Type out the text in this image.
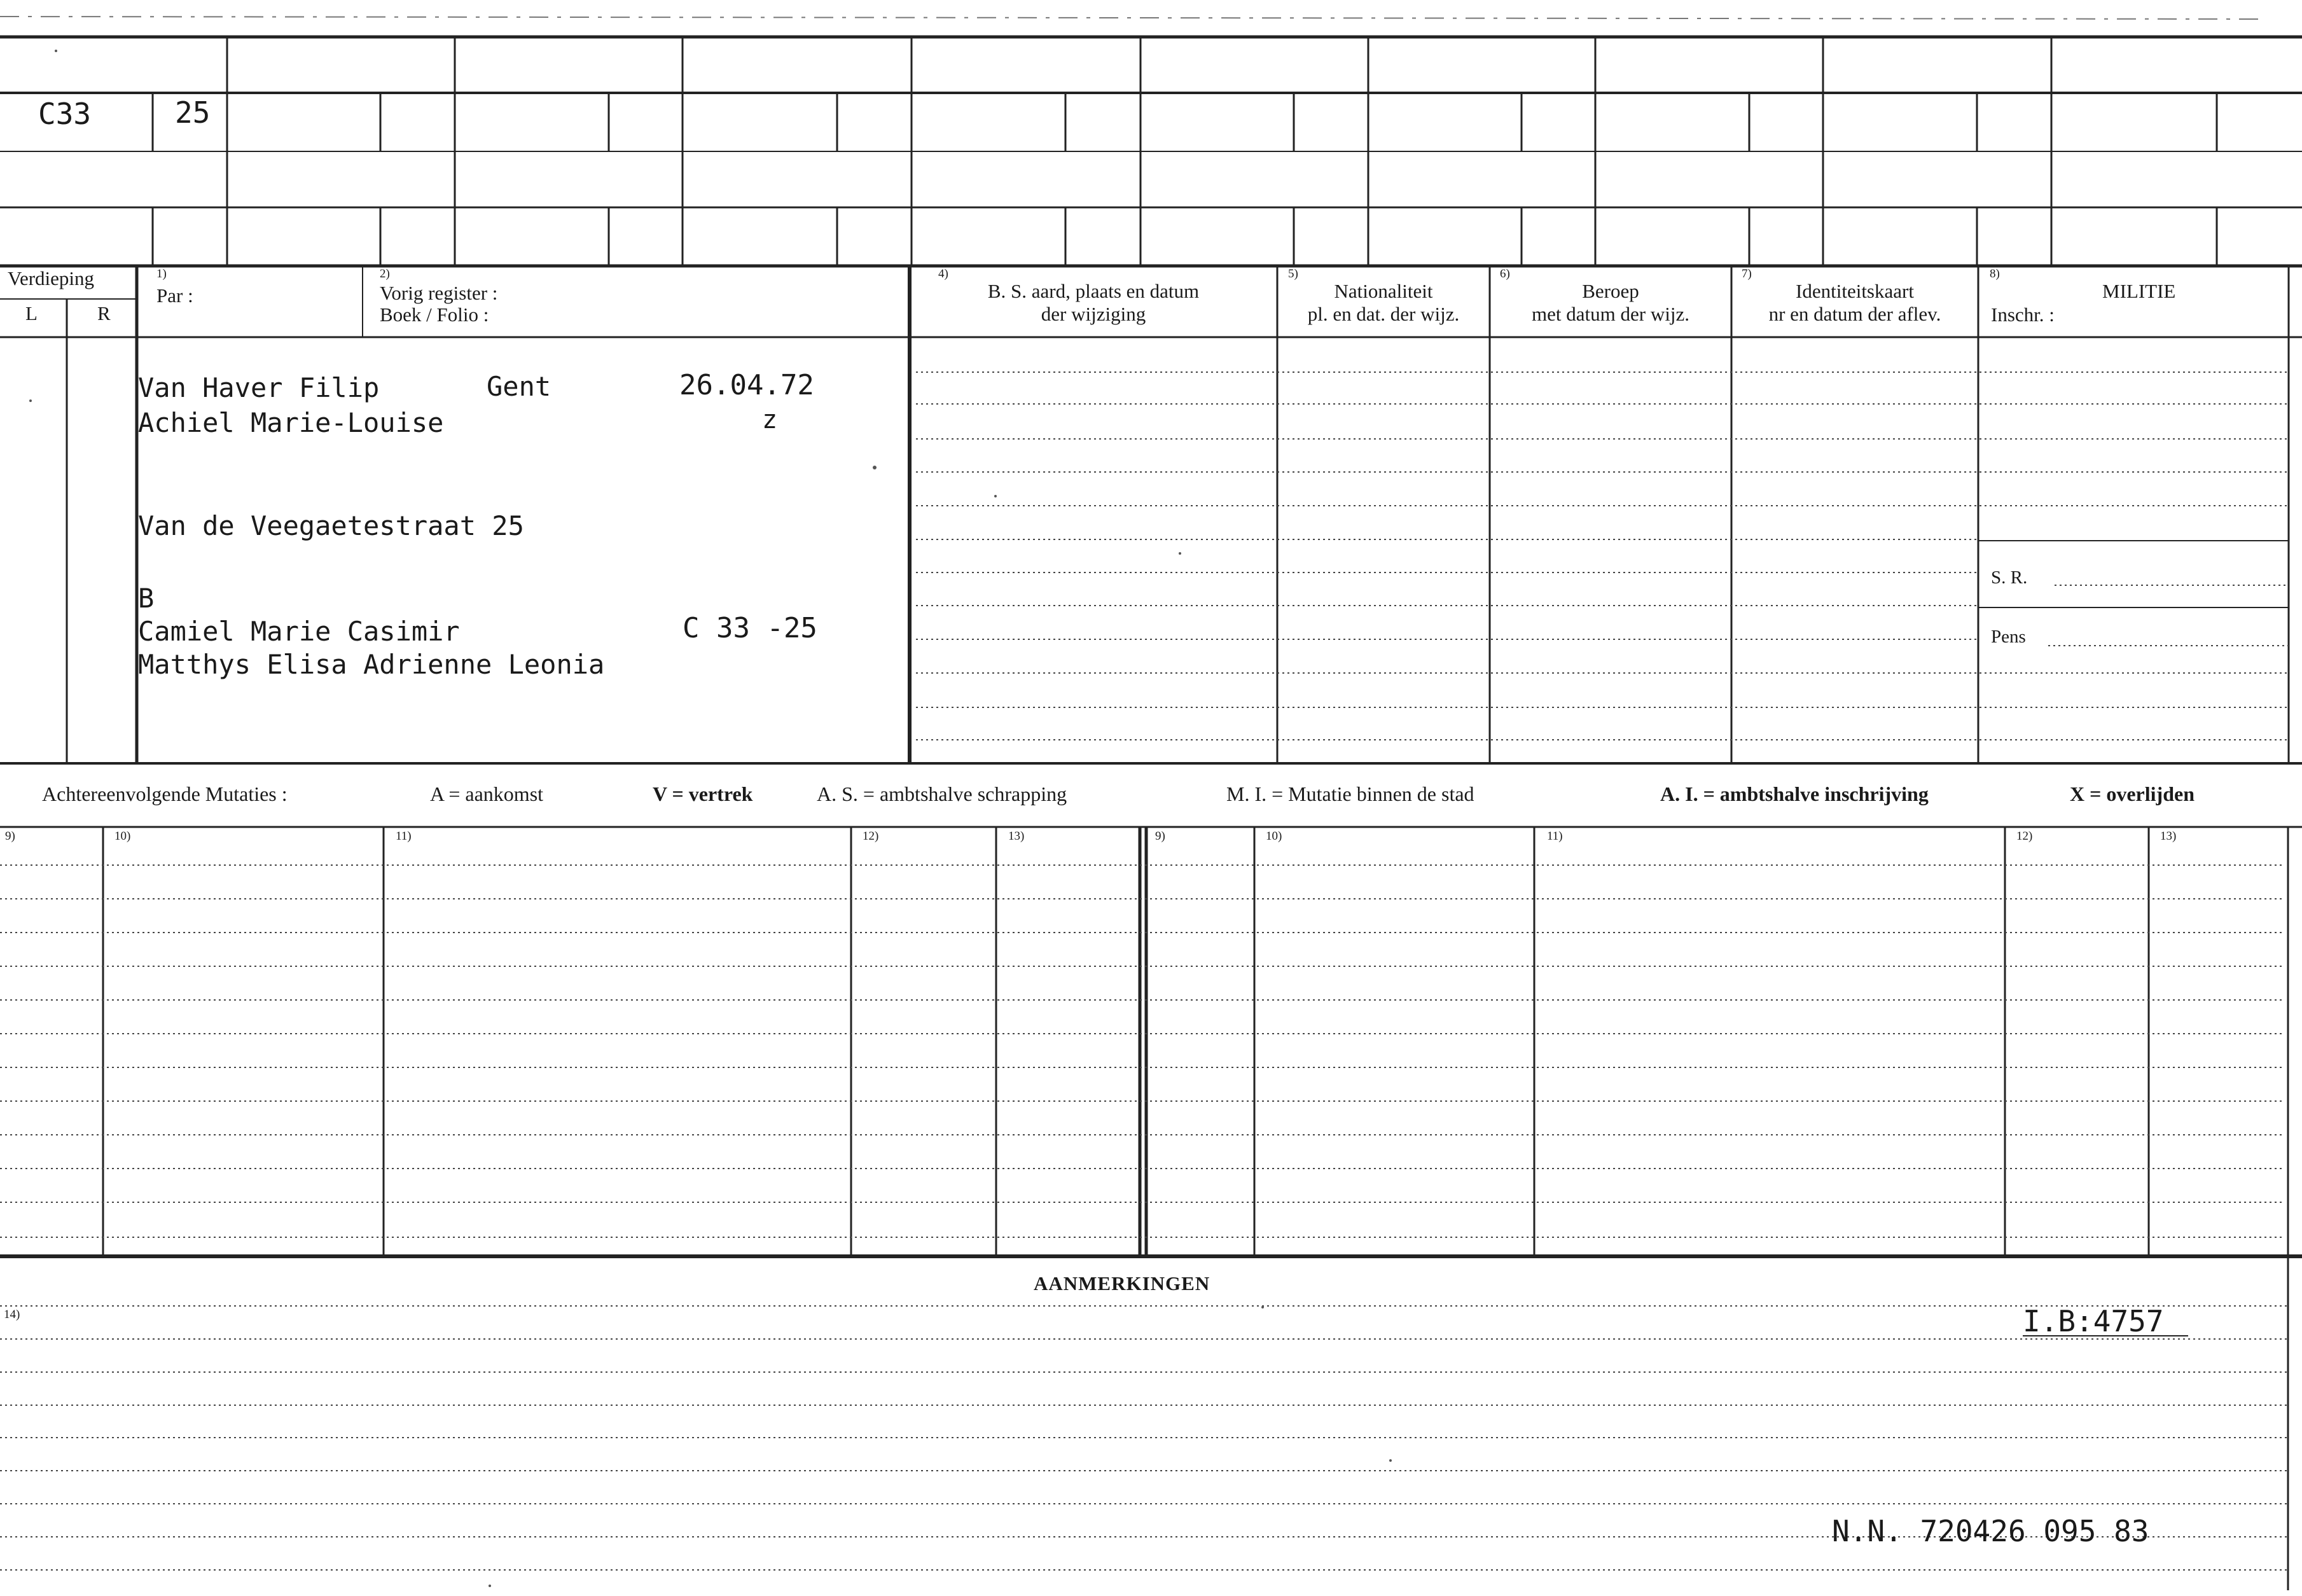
C33	25
Verdieping
L	R
1)
Par :
2)
Vorig register :
Boek / Folio :
4)
B. S. aard, plaats en datum
der wijziging
5)
Nationaliteit
pl. en dat. der wijz.
6)
Beroep
met datum der wijz.
7)
Identiteitskaart
nr en datum der aflev.
8)
MILITIE
Inschr. :
Van Haver Filip	Gent	26.04.72
Achiel Marie-Louise	z
Van de Veegaetestraat 25
B
Camiel Marie Casimir	C 33 -25
Matthys Elisa Adrienne Leonia
S. R.
Pens
Achtereenvolgende Mutaties :	A = aankomst	V = vertrek	A. S. = ambtshalve schrapping	M. I. = Mutatie binnen de stad	A. I. = ambtshalve inschrijving	X = overlijden
9)	10)	11)	12)	13)	9)	10)	11)	12)	13)
AANMERKINGEN
14)	I.B:4757
N.N. 720426 095 83
